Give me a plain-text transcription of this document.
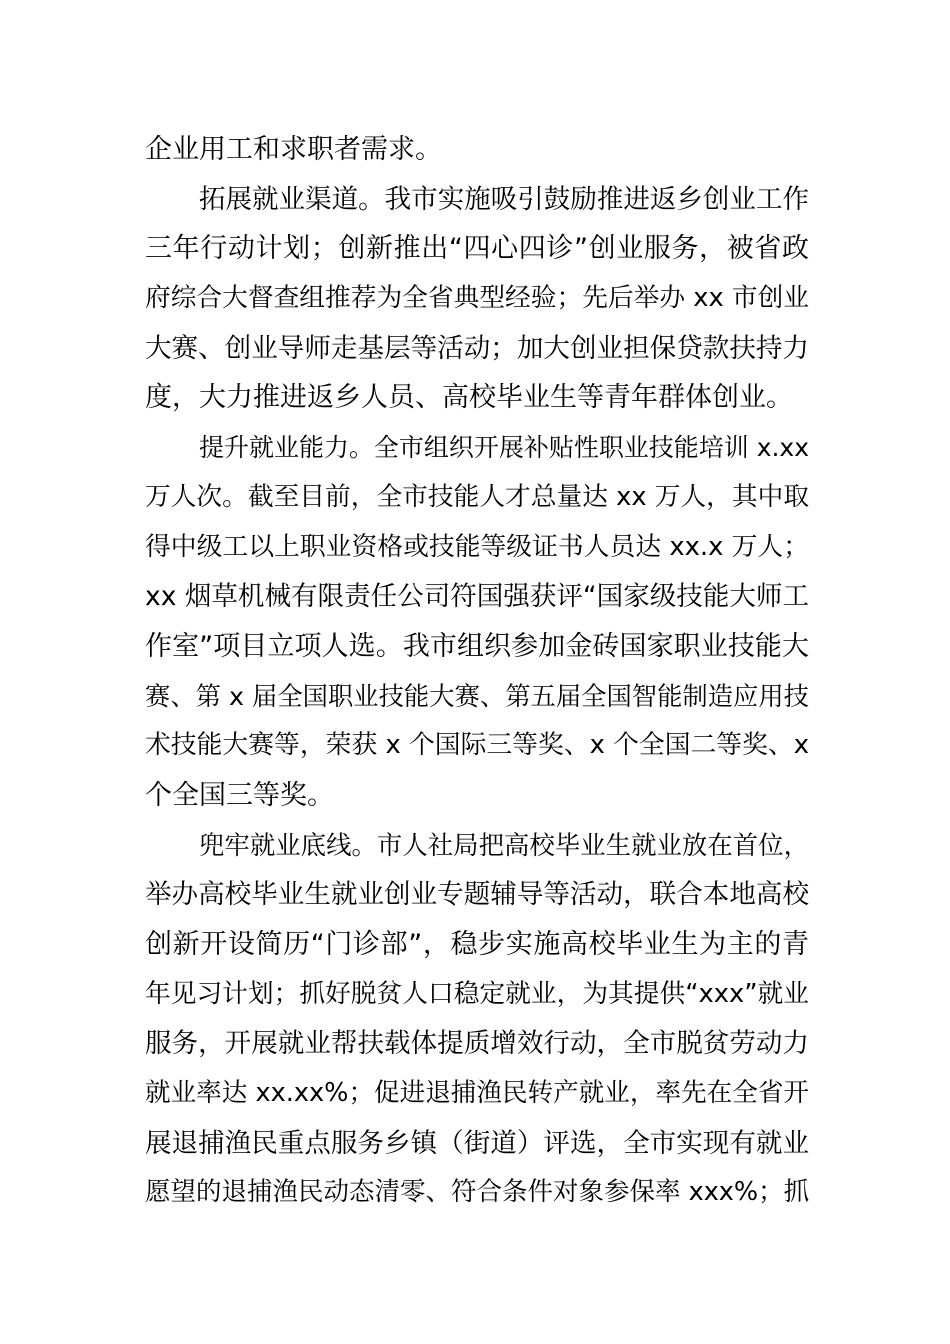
企业用工和求职者需求。
拓展就业渠道。我市实施吸引鼓励推进返乡创业工作
三年行动计划；创新推出“四心四诊”创业服务，被省政
府综合大督查组推荐为全省典型经验；先后举办 xx 市创业
大赛、创业导师走基层等活动；加大创业担保贷款扶持力
度，大力推进返乡人员、高校毕业生等青年群体创业。
提升就业能力。全市组织开展补贴性职业技能培训 x.xx
万人次。截至目前，全市技能人才总量达 xx 万人，其中取
得中级工以上职业资格或技能等级证书人员达 xx.x 万人；
xx 烟草机械有限责任公司符国强获评“国家级技能大师工
作室”项目立项人选。我市组织参加金砖国家职业技能大
赛、第 x 届全国职业技能大赛、第五届全国智能制造应用技
术技能大赛等，荣获 x 个国际三等奖、x 个全国二等奖、x
个全国三等奖。
兜牢就业底线。市人社局把高校毕业生就业放在首位，
举办高校毕业生就业创业专题辅导等活动，联合本地高校
创新开设简历“门诊部”，稳步实施高校毕业生为主的青
年见习计划；抓好脱贫人口稳定就业，为其提供“xxx”就业
服务，开展就业帮扶载体提质增效行动，全市脱贫劳动力
就业率达 xx.xx%；促进退捕渔民转产就业，率先在全省开
展退捕渔民重点服务乡镇（街道）评选，全市实现有就业
愿望的退捕渔民动态清零、符合条件对象参保率 xxx%；抓
